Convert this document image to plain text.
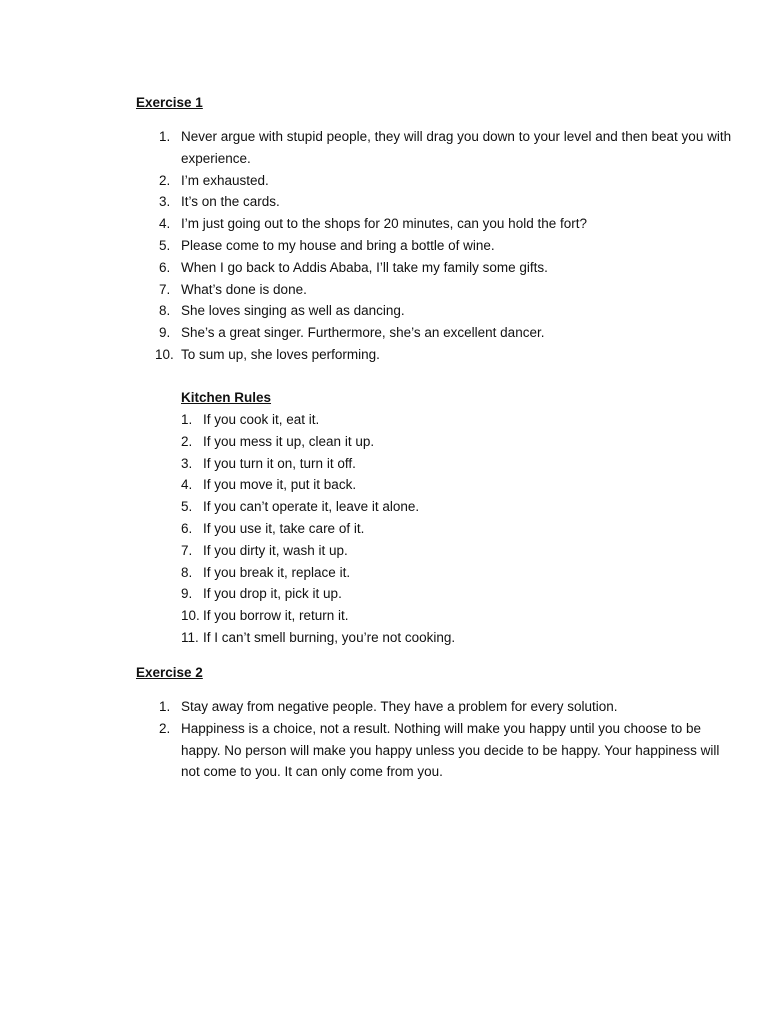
Exercise 1
1. Never argue with stupid people, they will drag you down to your level and then beat you with experience.
2. I’m exhausted.
3. It’s on the cards.
4. I’m just going out to the shops for 20 minutes, can you hold the fort?
5. Please come to my house and bring a bottle of wine.
6. When I go back to Addis Ababa, I’ll take my family some gifts.
7. What’s done is done.
8. She loves singing as well as dancing.
9. She’s a great singer. Furthermore, she’s an excellent dancer.
10. To sum up, she loves performing.
Kitchen Rules
1. If you cook it, eat it.
2. If you mess it up, clean it up.
3. If you turn it on, turn it off.
4. If you move it, put it back.
5. If you can’t operate it, leave it alone.
6. If you use it, take care of it.
7. If you dirty it, wash it up.
8. If you break it, replace it.
9. If you drop it, pick it up.
10. If you borrow it, return it.
11. If I can’t smell burning, you’re not cooking.
Exercise 2
1. Stay away from negative people. They have a problem for every solution.
2. Happiness is a choice, not a result. Nothing will make you happy until you choose to be happy. No person will make you happy unless you decide to be happy. Your happiness will not come to you. It can only come from you.
